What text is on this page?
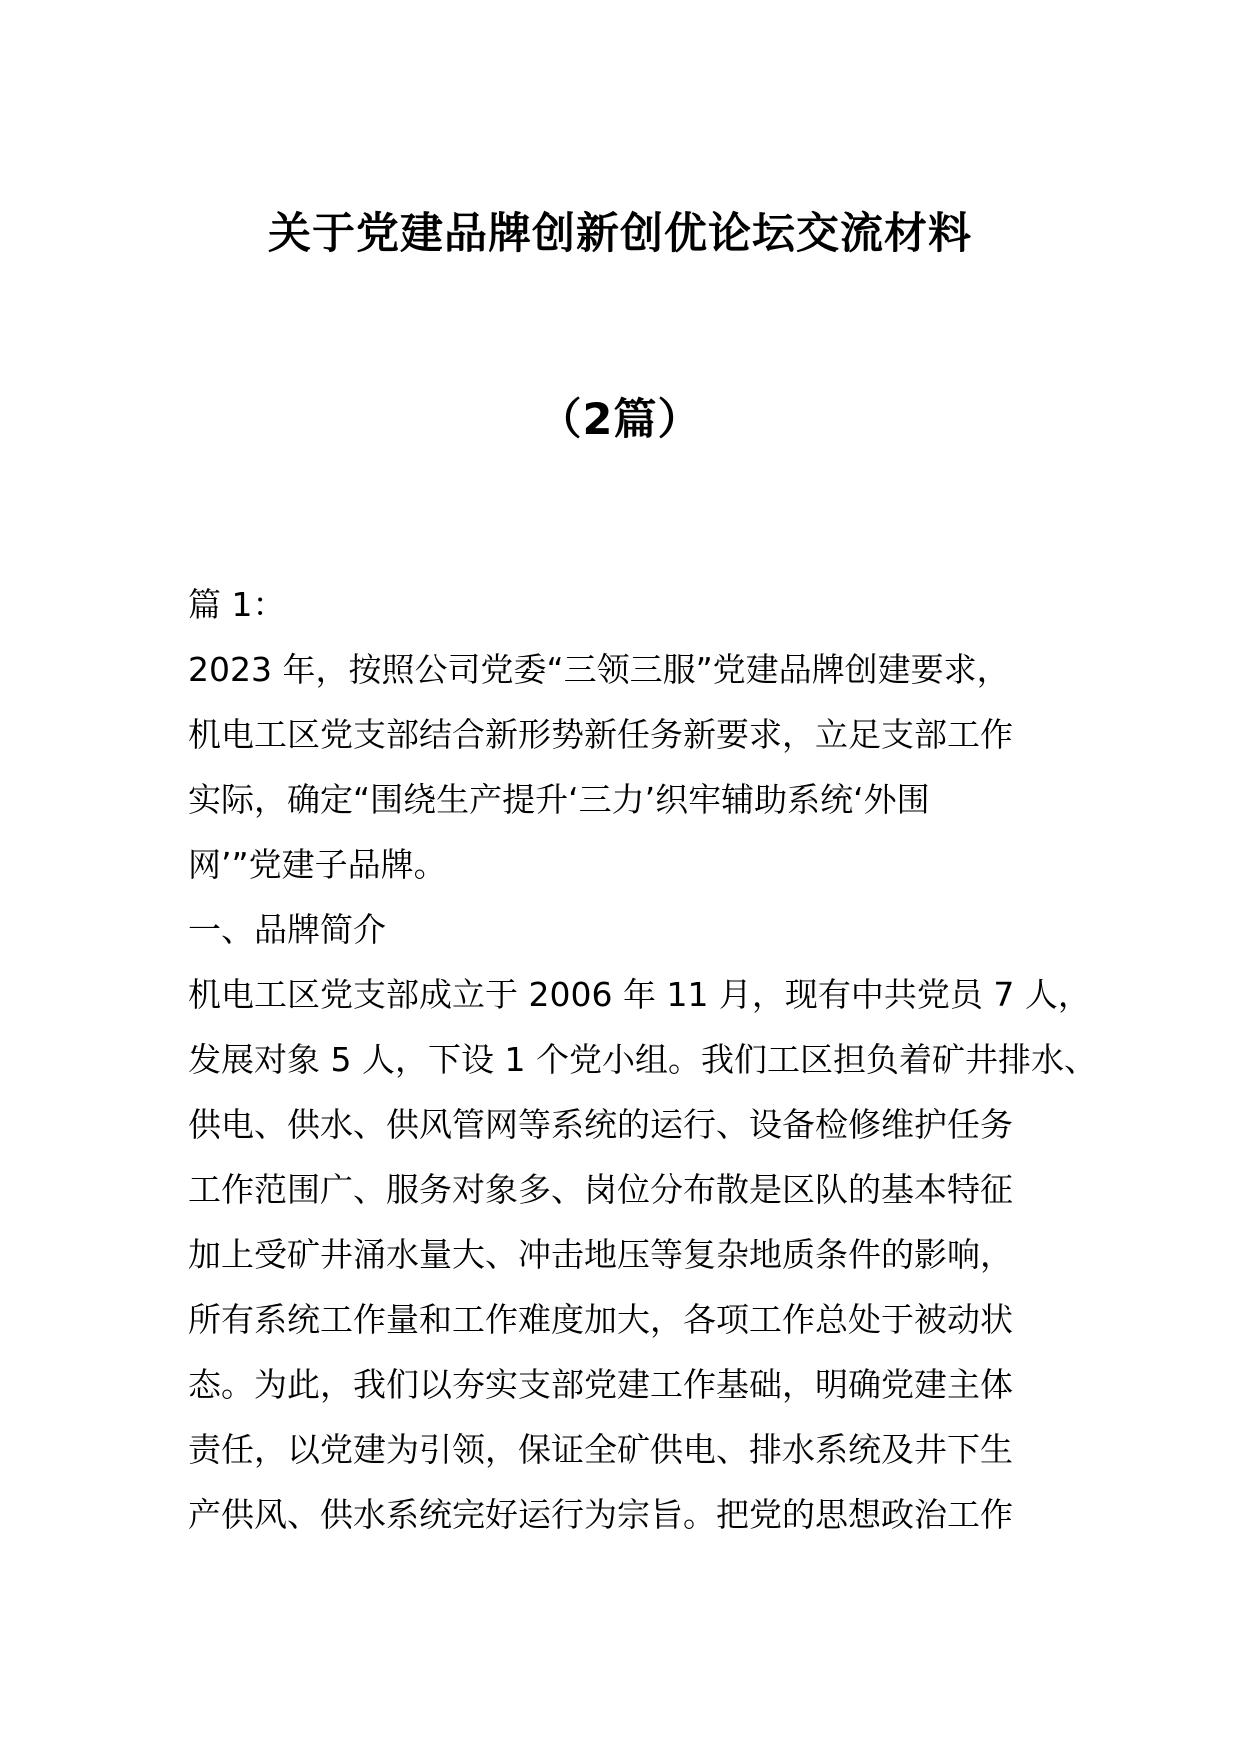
关于党建品牌创新创优论坛交流材料
（2篇）

篇 1：

2023 年，按照公司党委“三领三服”党建品牌创建要求，

机电工区党支部结合新形势新任务新要求，立足支部工作

实际，确定“围绕生产提升‘三力’织牢辅助系统‘外围

网’”党建子品牌。

一、品牌简介

机电工区党支部成立于 2006 年 11 月，现有中共党员 7 人，

发展对象 5 人，下设 1 个党小组。我们工区担负着矿井排水、

供电、供水、供风管网等系统的运行、设备检修维护任务

工作范围广、服务对象多、岗位分布散是区队的基本特征

加上受矿井涌水量大、冲击地压等复杂地质条件的影响，

所有系统工作量和工作难度加大，各项工作总处于被动状

态。为此，我们以夯实支部党建工作基础，明确党建主体

责任，以党建为引领，保证全矿供电、排水系统及井下生

产供风、供水系统完好运行为宗旨。把党的思想政治工作
